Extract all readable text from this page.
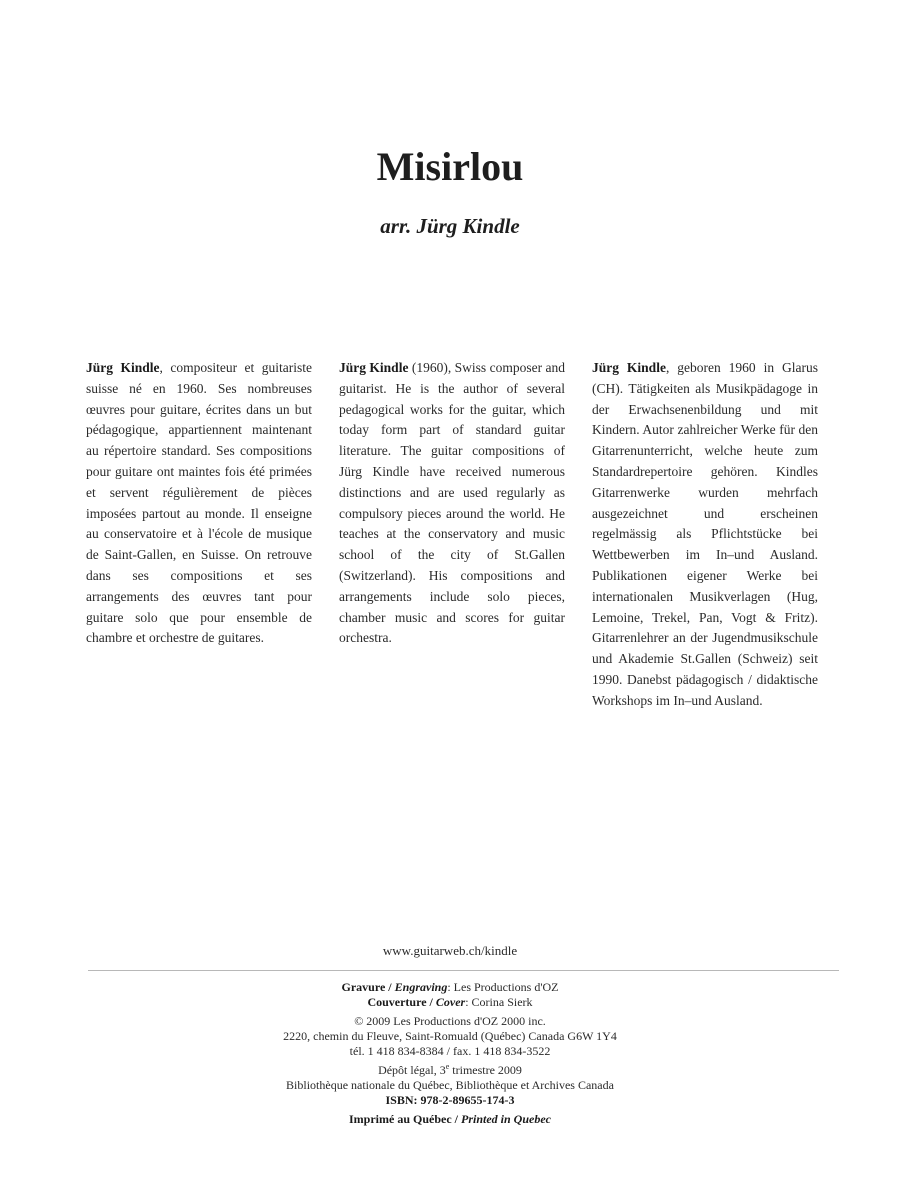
Misirlou
arr. Jürg Kindle
Jürg Kindle, compositeur et guitariste suisse né en 1960. Ses nombreuses œuvres pour guitare, écrites dans un but pédagogique, appartiennent maintenant au répertoire standard. Ses compositions pour guitare ont maintes fois été primées et servent régulièrement de pièces imposées partout au monde. Il enseigne au conservatoire et à l'école de musique de Saint-Gallen, en Suisse. On retrouve dans ses compositions et ses arrangements des œuvres tant pour guitare solo que pour ensemble de chambre et orchestre de guitares.
Jürg Kindle (1960), Swiss composer and guitarist. He is the author of several pedagogical works for the guitar, which today form part of standard guitar literature. The guitar compositions of Jürg Kindle have received numerous distinctions and are used regularly as compulsory pieces around the world. He teaches at the conservatory and music school of the city of St.Gallen (Switzerland). His compositions and arrangements include solo pieces, chamber music and scores for guitar orchestra.
Jürg Kindle, geboren 1960 in Glarus (CH). Tätigkeiten als Musikpädagoge in der Erwachsenenbildung und mit Kindern. Autor zahlreicher Werke für den Gitarrenunterricht, welche heute zum Standardrepertoire gehören. Kindles Gitarrenwerke wurden mehrfach ausgezeichnet und erscheinen regelmässig als Pflichtstücke bei Wettbewerben im In–und Ausland. Publikationen eigener Werke bei internationalen Musikverlagen (Hug, Lemoine, Trekel, Pan, Vogt & Fritz). Gitarrenlehrer an der Jugendmusikschule und Akademie St.Gallen (Schweiz) seit 1990. Danebst pädagogisch / didaktische Workshops im In–und Ausland.
www.guitarweb.ch/kindle
Gravure / Engraving: Les Productions d'OZ
Couverture / Cover: Corina Sierk
© 2009 Les Productions d'OZ 2000 inc.
2220, chemin du Fleuve, Saint-Romuald (Québec) Canada G6W 1Y4
tél. 1 418 834-8384 / fax. 1 418 834-3522
Dépôt légal, 3e trimestre 2009
Bibliothèque nationale du Québec, Bibliothèque et Archives Canada
ISBN: 978-2-89655-174-3
Imprimé au Québec / Printed in Quebec
